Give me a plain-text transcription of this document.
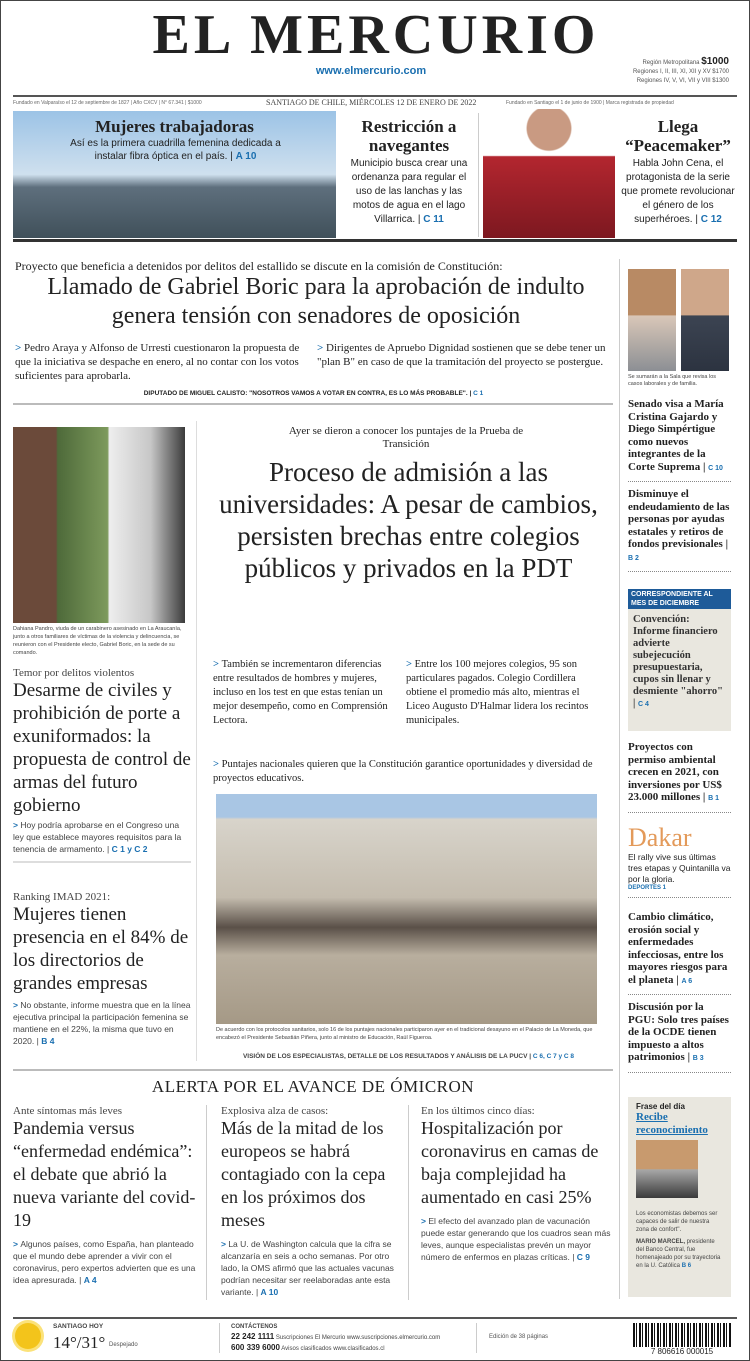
EL MERCURIO
www.elmercurio.com
Región Metropolitana $1000
Regiones I, II, III, XI, XII y XV $1700
Regiones IV, V, VI, VII y VIII $1300
Fundado en Valparaíso el 12 de septiembre de 1827 | Año CXCV | N° 67.341 | $1000	SANTIAGO DE CHILE, MIÉRCOLES 12 DE ENERO DE 2022	Fundado en Santiago el 1 de junio de 1900 | Marca registrada de propiedad
Mujeres trabajadoras
Así es la primera cuadrilla femenina dedicada a instalar fibra óptica en el país. | A 10
Restricción a navegantes
Municipio busca crear una ordenanza para regular el uso de las lanchas y las motos de agua en el lago Villarrica. | C 11
Llega “Peacemaker”
Habla John Cena, el protagonista de la serie que promete revolucionar el género de los superhéroes. | C 12
Proyecto que beneficia a detenidos por delitos del estallido se discute en la comisión de Constitución:
Llamado de Gabriel Boric para la aprobación de indulto genera tensión con senadores de oposición
> Pedro Araya y Alfonso de Urresti cuestionaron la propuesta de que la iniciativa se despache en enero, al no contar con los votos suficientes para aprobarla.
> Dirigentes de Apruebo Dignidad sostienen que se debe tener un "plan B" en caso de que la tramitación del proyecto se postergue.
DIPUTADO DE MIGUEL CALISTO: "NOSOTROS VAMOS A VOTAR EN CONTRA, ES LO MÁS PROBABLE". | C 1
Se sumarán a la Sala que revisa los casos laborales y de familia.
Senado visa a María Cristina Gajardo y Diego Simpértigue como nuevos integrantes de la Corte Suprema | C 10
Disminuye el endeudamiento de las personas por ayudas estatales y retiros de fondos previsionales | B 2
CORRESPONDIENTE AL MES DE DICIEMBRE
Convención: Informe financiero advierte subejecución presupuestaria, cupos sin llenar y desmiente "ahorro" | C 4
Proyectos con permiso ambiental crecen en 2021, con inversiones por US$ 23.000 millones | B 1
Dakar
El rally vive sus últimas tres etapas y Quintanilla va por la gloria.
DEPORTES 1
Cambio climático, erosión social y enfermedades infecciosas, entre los mayores riesgos para el planeta | A 6
Discusión por la PGU: Solo tres países de la OCDE tienen impuesto a altos patrimonios | B 3
Frase del día
Recibe reconocimiento
Los economistas debemos ser capaces de salir de nuestra zona de confort".
MARIO MARCEL, presidente del Banco Central, fue homenajeado por su trayectoria en la U. Católica B 6
Dahiana Pandro, viuda de un carabinero asesinado en La Araucanía, junto a otros familiares de víctimas de la violencia y delincuencia, se reunieron con el Presidente electo, Gabriel Boric, en la sede de su comando.
Temor por delitos violentos
Desarme de civiles y prohibición de porte a exuniformados: la propuesta de control de armas del futuro gobierno
> Hoy podría aprobarse en el Congreso una ley que establece mayores requisitos para la tenencia de armamento. | C 1 y C 2
Ranking IMAD 2021:
Mujeres tienen presencia en el 84% de los directorios de grandes empresas
> No obstante, informe muestra que en la línea ejecutiva principal la participación femenina se mantiene en el 22%, la misma que tuvo en 2020. | B 4
Ayer se dieron a conocer los puntajes de la Prueba de Transición
Proceso de admisión a las universidades: A pesar de cambios, persisten brechas entre colegios públicos y privados en la PDT
> También se incrementaron diferencias entre resultados de hombres y mujeres, incluso en los test en que estas tenían un mejor desempeño, como en Comprensión Lectora.
> Entre los 100 mejores colegios, 95 son particulares pagados. Colegio Cordillera obtiene el promedio más alto, mientras el Liceo Augusto D'Halmar lidera los recintos municipales.
> Puntajes nacionales quieren que la Constitución garantice oportunidades y diversidad de proyectos educativos.
De acuerdo con los protocolos sanitarios, solo 16 de los puntajes nacionales participaron ayer en el tradicional desayuno en el Palacio de La Moneda, que encabezó el Presidente Sebastián Piñera, junto al ministro de Educación, Raúl Figueroa.
VISIÓN DE LOS ESPECIALISTAS, DETALLE DE LOS RESULTADOS Y ANÁLISIS DE LA PUCV | C 6, C 7 y C 8
ALERTA POR EL AVANCE DE ÓMICRON
Ante síntomas más leves
Pandemia versus “enfermedad endémica”: el debate que abrió la nueva variante del covid-19
> Algunos países, como España, han planteado que el mundo debe aprender a vivir con el coronavirus, pero expertos advierten que es una idea apresurada. | A 4
Explosiva alza de casos:
Más de la mitad de los europeos se habrá contagiado con la cepa en los próximos dos meses
> La U. de Washington calcula que la cifra se alcanzaría en seis a ocho semanas. Por otro lado, la OMS afirmó que las actuales vacunas podrían necesitar ser reelaboradas ante esta variante. | A 10
En los últimos cinco días:
Hospitalización por coronavirus en camas de baja complejidad ha aumentado en casi 25%
> El efecto del avanzado plan de vacunación puede estar generando que los cuadros sean más leves, aunque especialistas prevén un mayor número de enfermos en plazas críticas. | C 9
SANTIAGO HOY
14°/31° Despejado
CONTÁCTENOS
22 242 1111 Suscripciones El Mercurio www.suscripciones.elmercurio.com
600 339 6000 Avisos clasificados www.clasificados.cl
Edición de 38 páginas
7 806616 000015
